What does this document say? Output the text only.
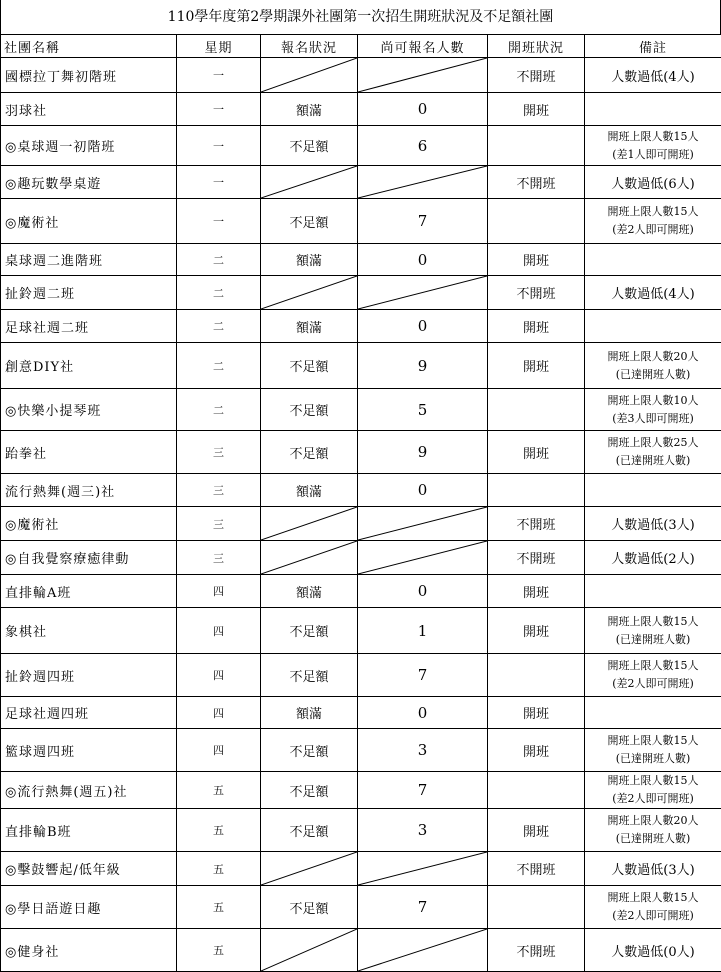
110學年度第2學期課外社團第一次招生開班狀況及不足額社團
社團名稱	星期	報名狀況	尚可報名人數	開班狀況	備註
國標拉丁舞初階班	一			不開班	人數過低(4人)
羽球社	一	額滿	0	開班	
◎桌球週一初階班	一	不足額	6		開班上限人數15人
(差1人即可開班)

◎趣玩數學桌遊	一			不開班	人數過低(6人)
◎魔術社	一	不足額	7		開班上限人數15人
(差2人即可開班)

桌球週二進階班	二	額滿	0	開班	
扯鈴週二班	二			不開班	人數過低(4人)
足球社週二班	二	額滿	0	開班	
創意DIY社	二	不足額	9	開班	開班上限人數20人
(已達開班人數)

◎快樂小提琴班	二	不足額	5		開班上限人數10人
(差3人即可開班)

跆拳社	三	不足額	9	開班	開班上限人數25人
(已達開班人數)

流行熱舞(週三)社	三	額滿	0		
◎魔術社	三			不開班	人數過低(3人)
◎自我覺察療癒律動	三			不開班	人數過低(2人)
直排輪A班	四	額滿	0	開班	
象棋社	四	不足額	1	開班	開班上限人數15人
(已達開班人數)

扯鈴週四班	四	不足額	7		開班上限人數15人
(差2人即可開班)

足球社週四班	四	額滿	0	開班	
籃球週四班	四	不足額	3	開班	開班上限人數15人
(已達開班人數)

◎流行熱舞(週五)社	五	不足額	7		開班上限人數15人
(差2人即可開班)

直排輪B班	五	不足額	3	開班	開班上限人數20人
(已達開班人數)

◎擊鼓響起/低年級	五			不開班	人數過低(3人)
◎學日語遊日趣	五	不足額	7		開班上限人數15人
(差2人即可開班)

◎健身社	五			不開班	人數過低(0人)
